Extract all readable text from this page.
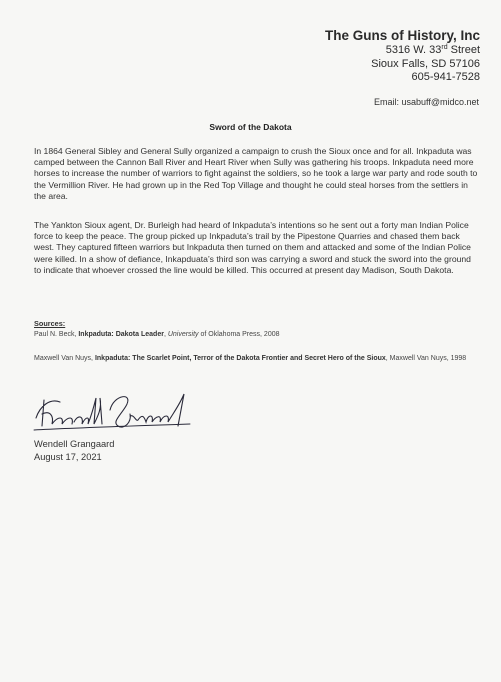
The Guns of History, Inc
5316 W. 33rd Street
Sioux Falls, SD 57106
605-941-7528
Email: usabuff@midco.net
Sword of the Dakota
In 1864 General Sibley and General Sully organized a campaign to crush the Sioux once and for all. Inkpaduta was camped between the Cannon Ball River and Heart River when Sully was gathering his troops. Inkpaduta need more horses to increase the number of warriors to fight against the soldiers, so he took a large war party and rode south to the Vermillion River. He had grown up in the Red Top Village and thought he could steal horses from the settlers in the area.
The Yankton Sioux agent, Dr. Burleigh had heard of Inkpaduta’s intentions so he sent out a forty man Indian Police force to keep the peace. The group picked up Inkpaduta’s trail by the Pipestone Quarries and chased them back west. They captured fifteen warriors but Inkpaduta then turned on them and attacked and some of the Indian Police were killed. In a show of defiance, Inkapduata’s third son was carrying a sword and stuck the sword into the ground to indicate that whoever crossed the line would be killed. This occurred at present day Madison, South Dakota.
Sources:
Paul N. Beck, Inkpaduta: Dakota Leader, University of Oklahoma Press, 2008
Maxwell Van Nuys, Inkpaduta: The Scarlet Point, Terror of the Dakota Frontier and Secret Hero of the Sioux, Maxwell Van Nuys, 1998
Wendell Grangaard
August 17, 2021
